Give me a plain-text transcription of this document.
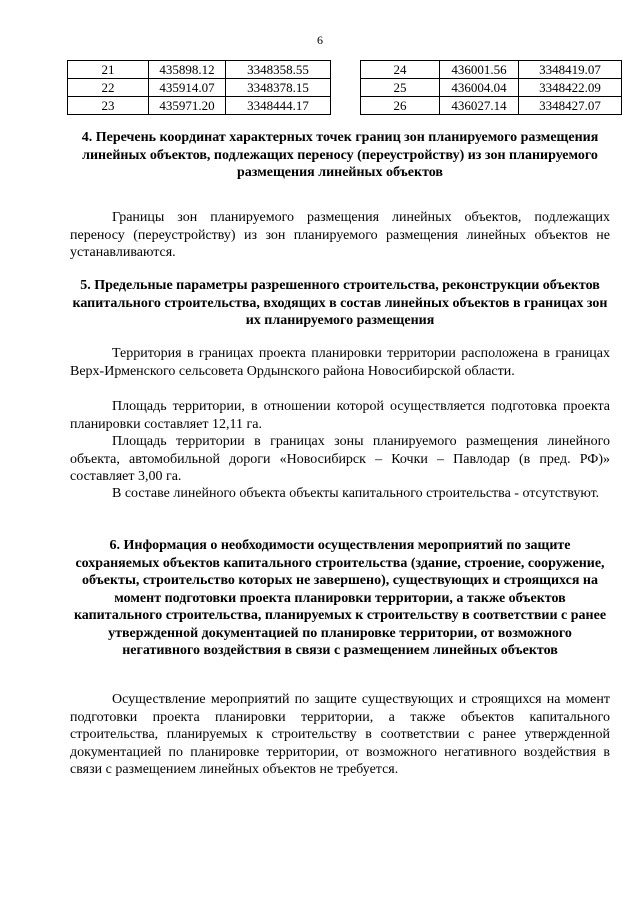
6
21	435898.12	3348358.55
22	435914.07	3348378.15
23	435971.20	3348444.17
24	436001.56	3348419.07
25	436004.04	3348422.09
26	436027.14	3348427.07
4. Перечень координат характерных точек границ зон планируемого размещения линейных объектов, подлежащих переносу (переустройству) из зон планируемого размещения линейных объектов
Границы зон планируемого размещения линейных объектов, подлежащих переносу (переустройству) из зон планируемого размещения линейных объектов не устанавливаются.
5. Предельные параметры разрешенного строительства, реконструкции объектов капитального строительства, входящих в состав линейных объектов в границах зон их планируемого размещения
Территория в границах проекта планировки территории расположена в границах Верх-Ирменского сельсовета Ордынского района Новосибирской области.
Площадь территории, в отношении которой осуществляется подготовка проекта планировки составляет 12,11 га.
Площадь территории в границах зоны планируемого размещения линейного объекта, автомобильной дороги «Новосибирск – Кочки – Павлодар (в пред. РФ)» составляет 3,00 га.
В составе линейного объекта объекты капитального строительства - отсутствуют.
6. Информация о необходимости осуществления мероприятий по защите сохраняемых объектов капитального строительства (здание, строение, сооружение, объекты, строительство которых не завершено), существующих и строящихся на момент подготовки проекта планировки территории, а также объектов капитального строительства, планируемых к строительству в соответствии с ранее утвержденной документацией по планировке территории, от возможного негативного воздействия в связи с размещением линейных объектов
Осуществление мероприятий по защите существующих и строящихся на момент подготовки проекта планировки территории, а также объектов капитального строительства, планируемых к строительству в соответствии с ранее утвержденной документацией по планировке территории, от возможного негативного воздействия в связи с размещением линейных объектов не требуется.
